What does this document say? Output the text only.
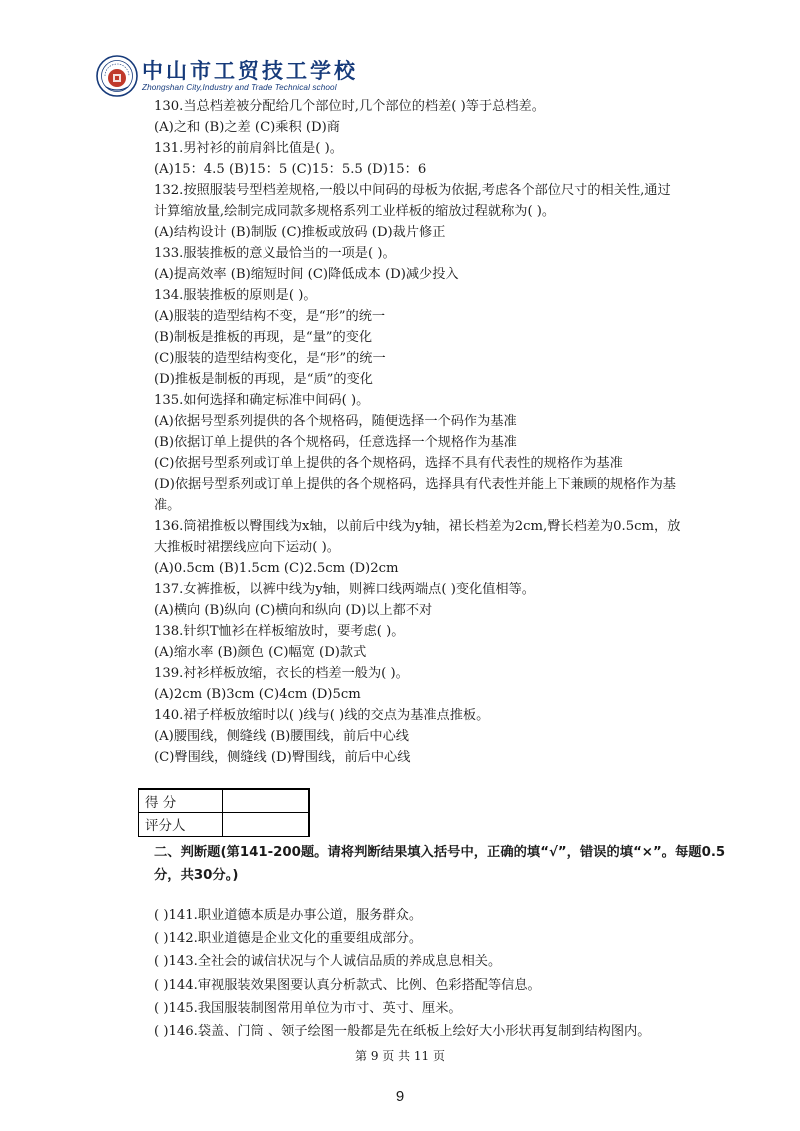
中山市工贸技工学校
Zhongshan City,Industry and Trade Technical school
130.当总档差被分配给几个部位时,几个部位的档差( )等于总档差。
(A)之和 (B)之差 (C)乘积 (D)商
131.男衬衫的前肩斜比值是( )。
(A)15：4.5 (B)15：5 (C)15：5.5 (D)15：6
132.按照服装号型档差规格,一般以中间码的母板为依据,考虑各个部位尺寸的相关性,通过
计算缩放量,绘制完成同款多规格系列工业样板的缩放过程就称为( )。
(A)结构设计 (B)制版 (C)推板或放码 (D)裁片修正
133.服装推板的意义最恰当的一项是( )。
(A)提高效率 (B)缩短时间 (C)降低成本 (D)减少投入
134.服装推板的原则是( )。
(A)服装的造型结构不变，是“形”的统一
(B)制板是推板的再现，是“量”的变化
(C)服装的造型结构变化，是“形”的统一
(D)推板是制板的再现，是“质”的变化
135.如何选择和确定标准中间码( )。
(A)依据号型系列提供的各个规格码，随便选择一个码作为基准
(B)依据订单上提供的各个规格码，任意选择一个规格作为基准
(C)依据号型系列或订单上提供的各个规格码，选择不具有代表性的规格作为基准
(D)依据号型系列或订单上提供的各个规格码，选择具有代表性并能上下兼顾的规格作为基
准。
136.筒裙推板以臀围线为x轴，以前后中线为y轴，裙长档差为2cm,臀长档差为0.5cm，放
大推板时裙摆线应向下运动( )。
(A)0.5cm (B)1.5cm (C)2.5cm (D)2cm
137.女裤推板，以裤中线为y轴，则裤口线两端点( )变化值相等。
(A)横向 (B)纵向 (C)横向和纵向 (D)以上都不对
138.针织T恤衫在样板缩放时，要考虑( )。
(A)缩水率 (B)颜色 (C)幅宽 (D)款式
139.衬衫样板放缩，衣长的档差一般为( )。
(A)2cm (B)3cm (C)4cm (D)5cm
140.裙子样板放缩时以( )线与( )线的交点为基准点推板。
(A)腰围线，侧缝线 (B)腰围线，前后中心线
(C)臀围线，侧缝线 (D)臀围线，前后中心线
得 分	
评分人	
二、判断题(第141-200题。请将判断结果填入括号中，正确的填“√”，错误的填“×”。每题0.5分，共30分。)
( )141.职业道德本质是办事公道，服务群众。
( )142.职业道德是企业文化的重要组成部分。
( )143.全社会的诚信状况与个人诚信品质的养成息息相关。
( )144.审视服装效果图要认真分析款式、比例、色彩搭配等信息。
( )145.我国服装制图常用单位为市寸、英寸、厘米。
( )146.袋盖、门筒 、领子绘图一般都是先在纸板上绘好大小形状再复制到结构图内。
第 9 页 共 11 页
9
